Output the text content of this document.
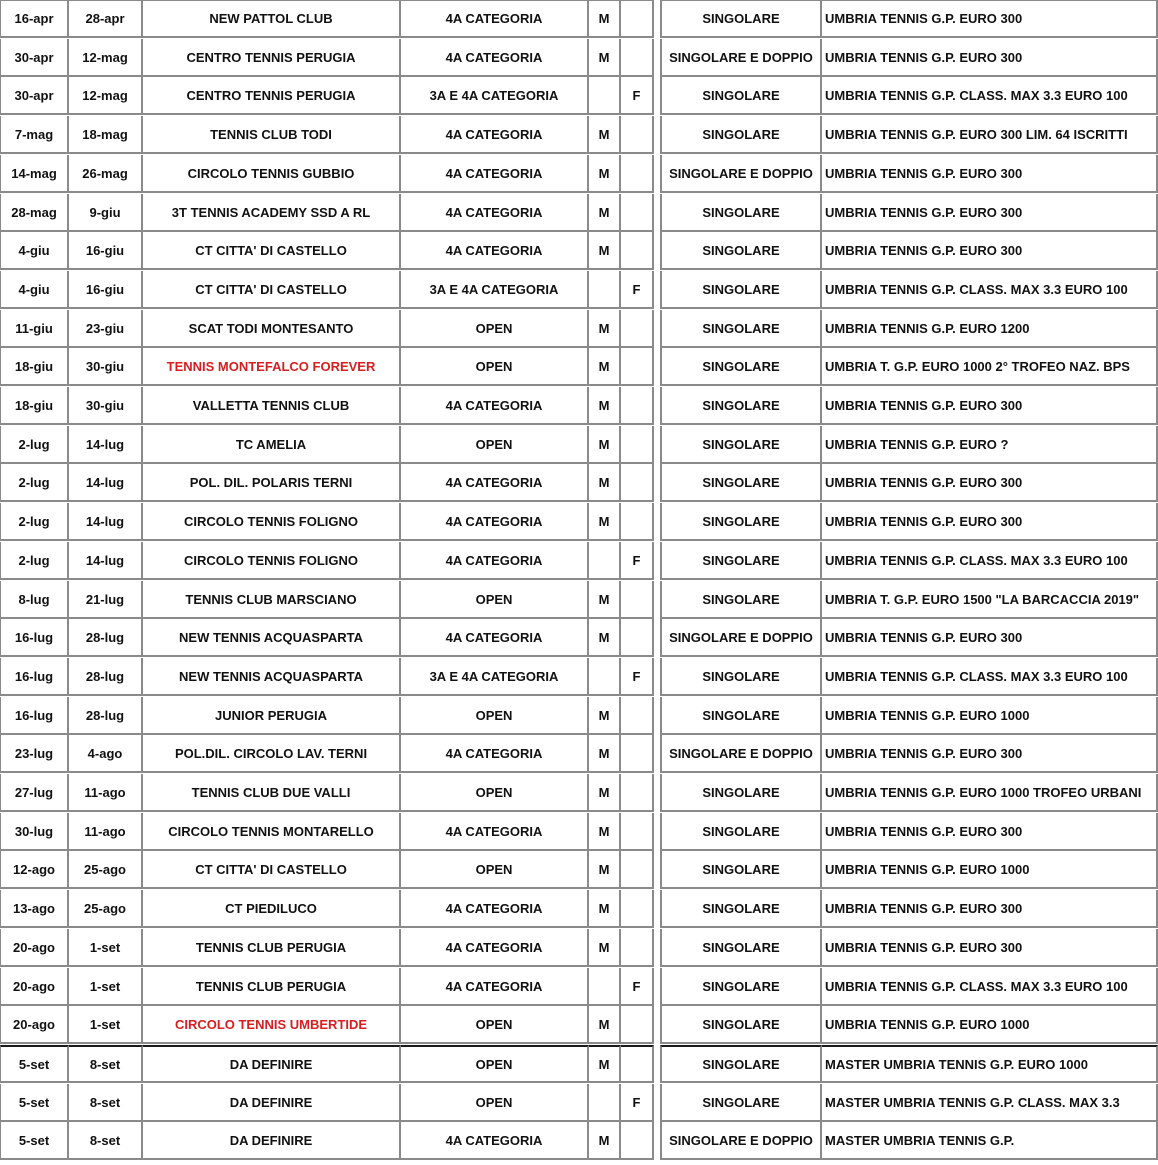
16-apr	28-apr	NEW PATTOL CLUB	4A CATEGORIA	M	SINGOLARE	UMBRIA TENNIS G.P. EURO 300
30-apr	12-mag	CENTRO TENNIS PERUGIA	4A CATEGORIA	M	SINGOLARE E DOPPIO UMBRIA TENNIS G.P. EURO 300
30-apr	12-mag	CENTRO TENNIS PERUGIA	3A E 4A CATEGORIA	F	SINGOLARE	UMBRIA TENNIS G.P. CLASS. MAX 3.3 EURO 100
7-mag	18-mag	TENNIS CLUB TODI	4A CATEGORIA	M	SINGOLARE	UMBRIA TENNIS G.P. EURO 300 LIM. 64 ISCRITTI
14-mag	26-mag	CIRCOLO TENNIS GUBBIO	4A CATEGORIA	M	SINGOLARE E DOPPIO UMBRIA TENNIS G.P. EURO 300
28-mag	9-giu	3T TENNIS ACADEMY SSD A RL	4A CATEGORIA	M	SINGOLARE	UMBRIA TENNIS G.P. EURO 300
4-giu	16-giu	CT CITTA' DI CASTELLO	4A CATEGORIA	M	SINGOLARE	UMBRIA TENNIS G.P. EURO 300
4-giu	16-giu	CT CITTA' DI CASTELLO	3A E 4A CATEGORIA	F	SINGOLARE	UMBRIA TENNIS G.P. CLASS. MAX 3.3 EURO 100
11-giu	23-giu	SCAT TODI MONTESANTO	OPEN	M	SINGOLARE	UMBRIA TENNIS G.P. EURO 1200
18-giu	30-giu	TENNIS MONTEFALCO FOREVER	OPEN	M	SINGOLARE	UMBRIA T. G.P. EURO 1000 2° TROFEO NAZ. BPS
18-giu	30-giu	VALLETTA TENNIS CLUB	4A CATEGORIA	M	SINGOLARE	UMBRIA TENNIS G.P. EURO 300
2-lug	14-lug	TC AMELIA	OPEN	M	SINGOLARE	UMBRIA TENNIS G.P. EURO ?
2-lug	14-lug	POL. DIL. POLARIS TERNI	4A CATEGORIA	M	SINGOLARE	UMBRIA TENNIS G.P. EURO 300
2-lug	14-lug	CIRCOLO TENNIS FOLIGNO	4A CATEGORIA	M	SINGOLARE	UMBRIA TENNIS G.P. EURO 300
2-lug	14-lug	CIRCOLO TENNIS FOLIGNO	4A CATEGORIA	F	SINGOLARE	UMBRIA TENNIS G.P. CLASS. MAX 3.3 EURO 100
8-lug	21-lug	TENNIS CLUB MARSCIANO	OPEN	M	SINGOLARE	UMBRIA T. G.P. EURO 1500 "LA BARCACCIA 2019"
16-lug	28-lug	NEW TENNIS ACQUASPARTA	4A CATEGORIA	M	SINGOLARE E DOPPIO UMBRIA TENNIS G.P. EURO 300
16-lug	28-lug	NEW TENNIS ACQUASPARTA	3A E 4A CATEGORIA	F	SINGOLARE	UMBRIA TENNIS G.P. CLASS. MAX 3.3 EURO 100
16-lug	28-lug	JUNIOR PERUGIA	OPEN	M	SINGOLARE	UMBRIA TENNIS G.P. EURO 1000
23-lug	4-ago	POL.DIL. CIRCOLO LAV. TERNI	4A CATEGORIA	M	SINGOLARE E DOPPIO UMBRIA TENNIS G.P. EURO 300
27-lug	11-ago	TENNIS CLUB DUE VALLI	OPEN	M	SINGOLARE	UMBRIA TENNIS G.P. EURO 1000 TROFEO URBANI
30-lug	11-ago	CIRCOLO TENNIS MONTARELLO	4A CATEGORIA	M	SINGOLARE	UMBRIA TENNIS G.P. EURO 300
12-ago	25-ago	CT CITTA' DI CASTELLO	OPEN	M	SINGOLARE	UMBRIA TENNIS G.P. EURO 1000
13-ago	25-ago	CT PIEDILUCO	4A CATEGORIA	M	SINGOLARE	UMBRIA TENNIS G.P. EURO 300
20-ago	1-set	TENNIS CLUB PERUGIA	4A CATEGORIA	M	SINGOLARE	UMBRIA TENNIS G.P. EURO 300
20-ago	1-set	TENNIS CLUB PERUGIA	4A CATEGORIA	F	SINGOLARE	UMBRIA TENNIS G.P. CLASS. MAX 3.3 EURO 100
20-ago	1-set	CIRCOLO TENNIS UMBERTIDE	OPEN	M	SINGOLARE	UMBRIA TENNIS G.P. EURO 1000
5-set	8-set	DA DEFINIRE	OPEN	M	SINGOLARE	MASTER UMBRIA TENNIS G.P. EURO 1000
5-set	8-set	DA DEFINIRE	OPEN	F	SINGOLARE	MASTER UMBRIA TENNIS G.P. CLASS. MAX 3.3
5-set	8-set	DA DEFINIRE	4A CATEGORIA	M	SINGOLARE E DOPPIO MASTER UMBRIA TENNIS G.P.
